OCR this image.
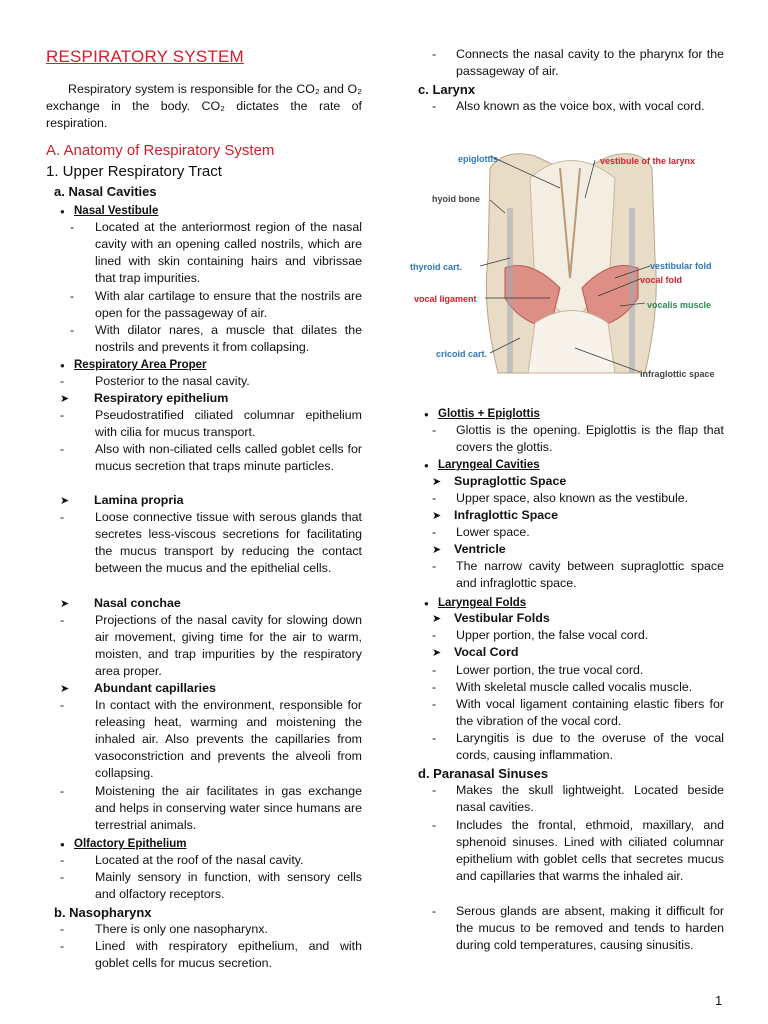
RESPIRATORY SYSTEM
Respiratory system is responsible for the CO₂ and O₂ exchange in the body. CO₂ dictates the rate of respiration.
A. Anatomy of Respiratory System
1. Upper Respiratory Tract
a. Nasal Cavities
● Nasal Vestibule
- Located at the anteriormost region of the nasal cavity with an opening called nostrils, which are lined with skin containing hairs and vibrissae that trap impurities.
- With alar cartilage to ensure that the nostrils are open for the passageway of air.
- With dilator nares, a muscle that dilates the nostrils and prevents it from collapsing.
● Respiratory Area Proper
- Posterior to the nasal cavity.
➤ Respiratory epithelium
- Pseudostratified ciliated columnar epithelium with cilia for mucus transport.
- Also with non-ciliated cells called goblet cells for mucus secretion that traps minute particles.
➤ Lamina propria
- Loose connective tissue with serous glands that secretes less-viscous secretions for facilitating the mucus transport by reducing the contact between the mucus and the epithelial cells.
➤ Nasal conchae
- Projections of the nasal cavity for slowing down air movement, giving time for the air to warm, moisten, and trap impurities by the respiratory area proper.
➤ Abundant capillaries
- In contact with the environment, responsible for releasing heat, warming and moistening the inhaled air. Also prevents the capillaries from vasoconstriction and prevents the alveoli from collapsing.
- Moistening the air facilitates in gas exchange and helps in conserving water since humans are terrestrial animals.
● Olfactory Epithelium
- Located at the roof of the nasal cavity.
- Mainly sensory in function, with sensory cells and olfactory receptors.
b. Nasopharynx
- There is only one nasopharynx.
- Lined with respiratory epithelium, and with goblet cells for mucus secretion.
- Connects the nasal cavity to the pharynx for the passageway of air.
c. Larynx
- Also known as the voice box, with vocal cord.
● Glottis + Epiglottis
- Glottis is the opening. Epiglottis is the flap that covers the glottis.
● Laryngeal Cavities
➤ Supraglottic Space
- Upper space, also known as the vestibule.
➤ Infraglottic Space
- Lower space.
➤ Ventricle
- The narrow cavity between supraglottic space and infraglottic space.
● Laryngeal Folds
➤ Vestibular Folds
- Upper portion, the false vocal cord.
➤ Vocal Cord
- Lower portion, the true vocal cord.
- With skeletal muscle called vocalis muscle.
- With vocal ligament containing elastic fibers for the vibration of the vocal cord.
- Laryngitis is due to the overuse of the vocal cords, causing inflammation.
d. Paranasal Sinuses
- Makes the skull lightweight. Located beside nasal cavities.
- Includes the frontal, ethmoid, maxillary, and sphenoid sinuses. Lined with ciliated columnar epithelium with goblet cells that secretes mucus and capillaries that warms the inhaled air.
- Serous glands are absent, making it difficult for the mucus to be removed and tends to harden during cold temperatures, causing sinusitis.
epiglottis	vestibule of the larynx
hyoid bone
thyroid cart.	vestibular fold
vocal fold
vocal ligament
vocalis muscle
cricoid cart.
infraglottic space
1
